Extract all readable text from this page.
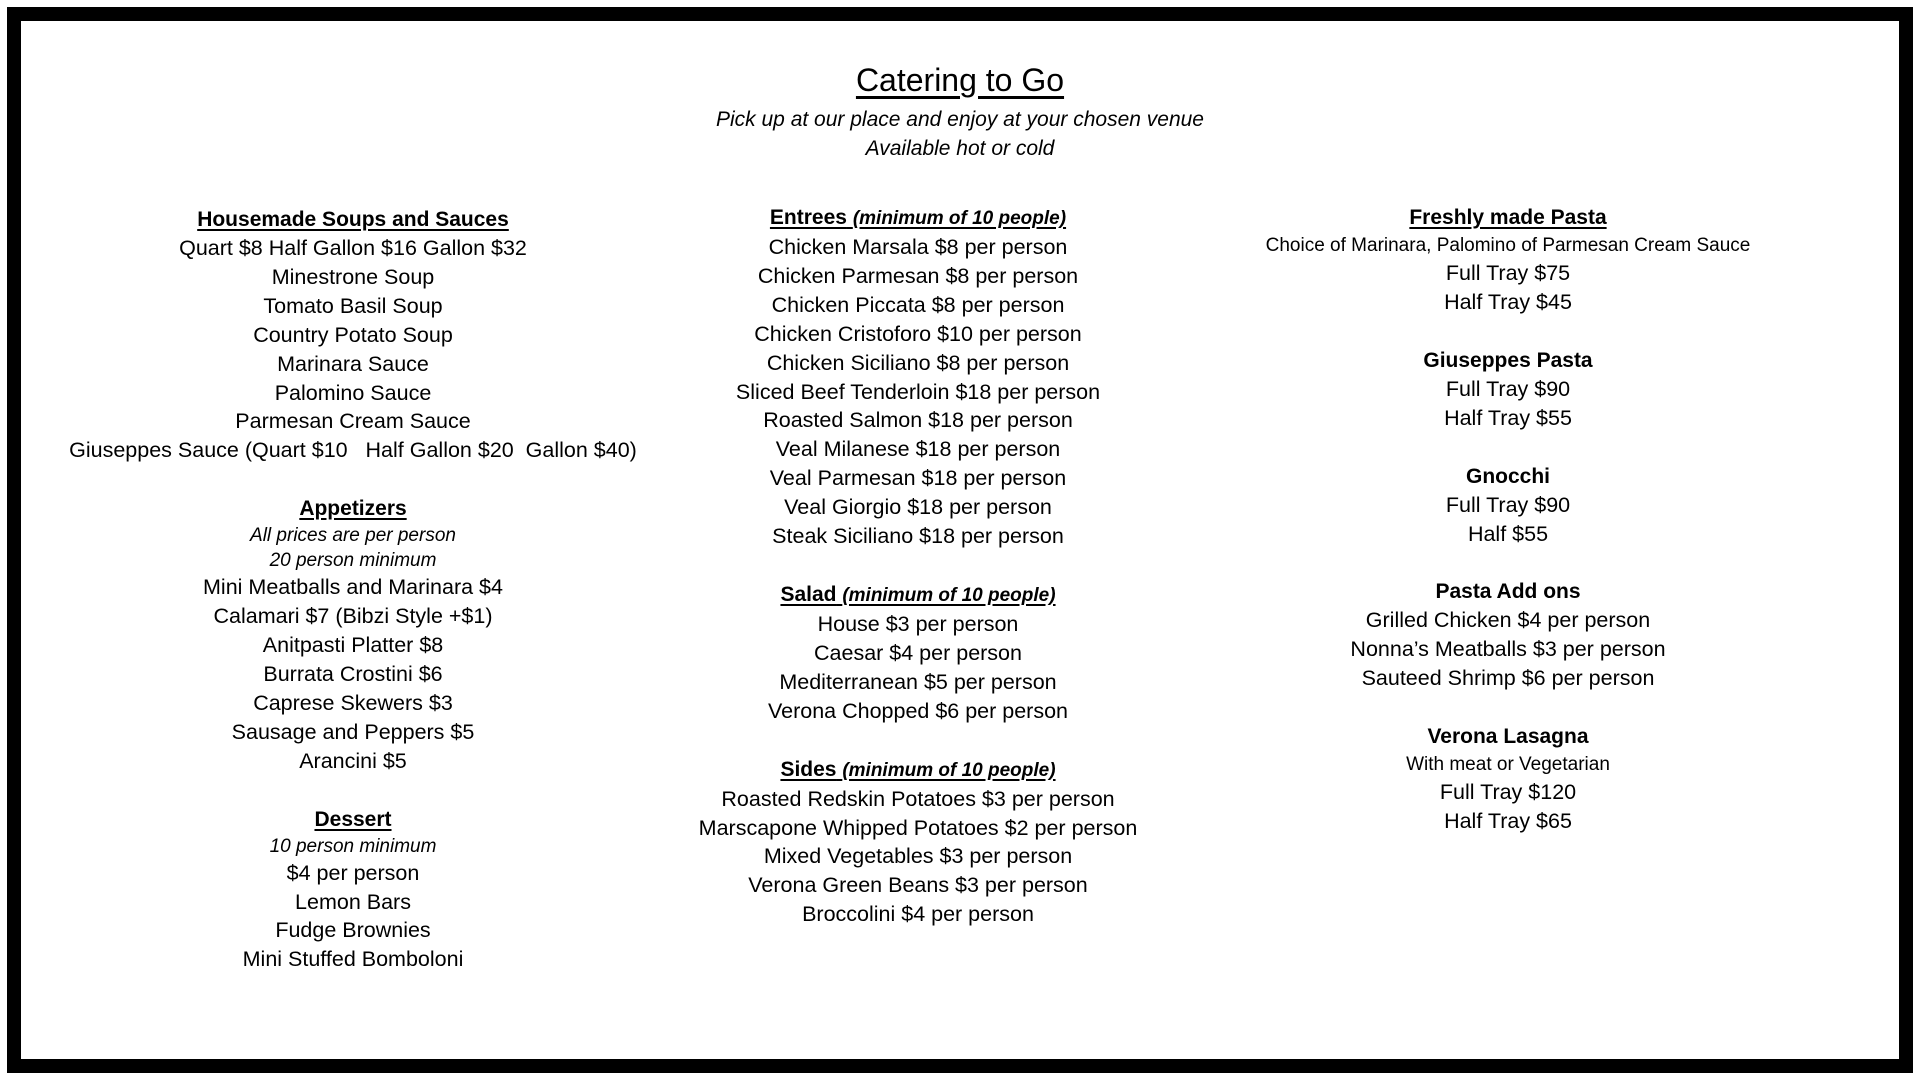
Catering to Go
Pick up at our place and enjoy at your chosen venue
Available hot or cold
Housemade Soups and Sauces
Quart $8 Half Gallon $16 Gallon $32
Minestrone Soup
Tomato Basil Soup
Country Potato Soup
Marinara Sauce
Palomino Sauce
Parmesan Cream Sauce
Giuseppes Sauce (Quart $10   Half Gallon $20  Gallon $40)
Appetizers
All prices are per person
20 person minimum
Mini Meatballs and Marinara $4
Calamari $7 (Bibzi Style +$1)
Anitpasti Platter $8
Burrata Crostini $6
Caprese Skewers $3
Sausage and Peppers $5
Arancini $5
Dessert
10 person minimum
$4 per person
Lemon Bars
Fudge Brownies
Mini Stuffed Bomboloni
Entrees (minimum of 10 people)
Chicken Marsala $8 per person
Chicken Parmesan $8 per person
Chicken Piccata $8 per person
Chicken Cristoforo $10 per person
Chicken Siciliano $8 per person
Sliced Beef Tenderloin $18 per person
Roasted Salmon $18 per person
Veal Milanese $18 per person
Veal Parmesan $18 per person
Veal Giorgio $18 per person
Steak Siciliano $18 per person
Salad (minimum of 10 people)
House $3 per person
Caesar $4 per person
Mediterranean $5 per person
Verona Chopped $6 per person
Sides (minimum of 10 people)
Roasted Redskin Potatoes $3 per person
Marscapone Whipped Potatoes $2 per person
Mixed Vegetables $3 per person
Verona Green Beans $3 per person
Broccolini $4 per person
Freshly made Pasta
Choice of Marinara, Palomino of Parmesan Cream Sauce
Full Tray $75
Half Tray $45
Giuseppes Pasta
Full Tray $90
Half Tray $55
Gnocchi
Full Tray $90
Half $55
Pasta Add ons
Grilled Chicken $4 per person
Nonna’s Meatballs $3 per person
Sauteed Shrimp $6 per person
Verona Lasagna
With meat or Vegetarian
Full Tray $120
Half Tray $65
